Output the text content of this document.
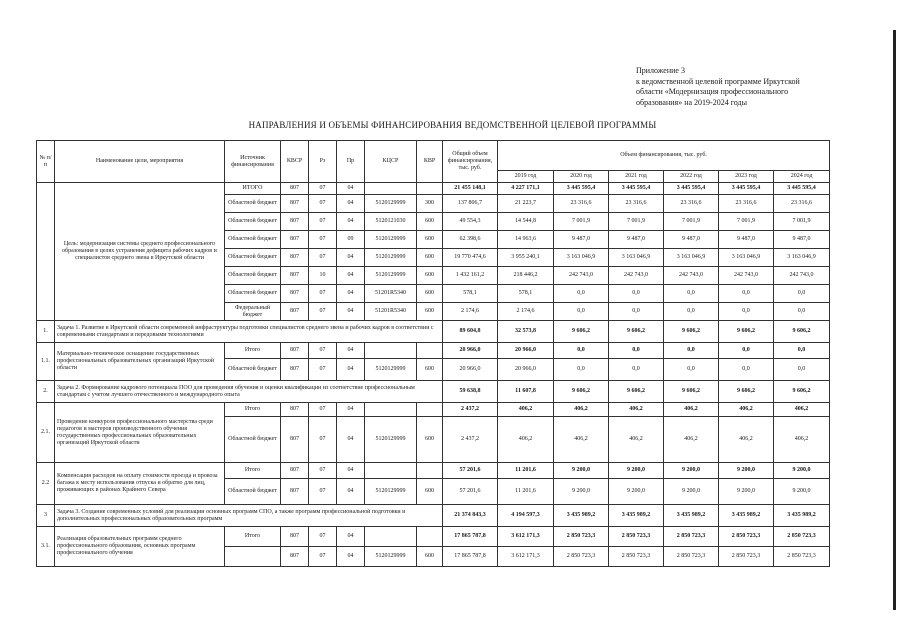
Приложение 3
к ведомственной целевой программе Иркутской
области «Модернизация профессионального
образования» на 2019-2024 годы
НАПРАВЛЕНИЯ И ОБЪЕМЫ ФИНАНСИРОВАНИЯ ВЕДОМСТВЕННОЙ ЦЕЛЕВОЙ ПРОГРАММЫ
№ п/п	Наименование цели, мероприятия	Источник финансирования	КВСР	Рз	Пр	КЦСР	КВР	Общий объем финансирования, тыс. руб.	Объем финансирования, тыс. руб.					
									2019 год	2020 год	2021 год	2022 год	2023 год	2024 год
	Цель: модернизация системы среднего профессионального образования в целях устранения дефицита рабочих кадров и специалистов среднего звена в Иркутской области	ИТОГО	807	07	04			21 455 148,1	4 227 171,1	3 445 595,4	3 445 595,4	3 445 595,4	3 445 595,4	3 445 595,4
		Областной бюджет	807	07	04	5120129999	300	137 806,7	21 223,7	23 316,6	23 316,6	23 316,6	23 316,6	23 316,6
		Областной бюджет	807	07	04	5120121030	600	49 554,3	14 544,8	7 001,9	7 001,9	7 001,9	7 001,9	7 001,9
		Областной бюджет	807	07	09	5120129999	600	62 398,6	14 963,6	9 487,0	9 487,0	9 487,0	9 487,0	9 487,0
		Областной бюджет	807	07	04	5120129999	600	19 770 474,6	3 955 240,1	3 163 046,9	3 163 046,9	3 163 046,9	3 163 046,9	3 163 046,9
		Областной бюджет	807	10	04	5120129999	600	1 432 161,2	218 446,2	242 743,0	242 743,0	242 743,0	242 743,0	242 743,0
		Областной бюджет	807	07	04	51201R5340	600	578,1	578,1	0,0	0,0	0,0	0,0	0,0
		Федеральный бюджет	807	07	04	51201R5340	600	2 174,6	2 174,6	0,0	0,0	0,0	0,0	0,0
1.	Задача 1. Развитие в Иркутской области современной инфраструктуры подготовки специалистов среднего звена и рабочих кадров в соответствии с современными стандартами и передовыми технологиями							89 604,8	32 573,8	9 606,2	9 606,2	9 606,2	9 606,2	9 606,2
1.1.	Материально-техническое оснащение государственных профессиональных образовательных организаций Иркутской области	Итого	807	07	04			20 966,0	20 966,0	0,0	0,0	0,0	0,0	0,0
		Областной бюджет	807	07	04	5120129999	600	20 966,0	20 966,0	0,0	0,0	0,0	0,0	0,0
2.	Задача 2. Формирование кадрового потенциала ПОО для проведения обучения и оценки квалификации из соответствие профессиональным стандартам с учетом лучшего отечественного и международного опыта							59 638,8	11 607,8	9 606,2	9 606,2	9 606,2	9 606,2	9 606,2
2.1.	Проведение конкурсов профессионального мастерства среди педагогов и мастеров производственного обучения государственных профессиональных образовательных организаций Иркутской области	Итого	807	07	04			2 437,2	406,2	406,2	406,2	406,2	406,2	406,2
		Областной бюджет	807	07	04	5120129999	600	2 437,2	406,2	406,2	406,2	406,2	406,2	406,2
2.2	Компенсация расходов на оплату стоимости проезда и провоза багажа к месту использования отпуска и обратно для лиц, проживающих в районах Крайнего Севера	Итого	807	07	04			57 201,6	11 201,6	9 200,0	9 200,0	9 200,0	9 200,0	9 200,0
		Областной бюджет	807	07	04	5120129999	600	57 201,6	11 201,6	9 200,0	9 200,0	9 200,0	9 200,0	9 200,0
3	Задача 3. Создание современных условий для реализации основных программ СПО, а также программ профессиональной подготовки и дополнительных профессиональных образовательных программ							21 374 843,3	4 194 597,3	3 435 989,2	3 435 989,2	3 435 989,2	3 435 989,2	3 435 989,2
3.1.	Реализация образовательных программ среднего профессионального образования, основных программ профессионального обучения	Итого	807	07	04			17 865 787,8	3 612 171,3	2 850 723,3	2 850 723,3	2 850 723,3	2 850 723,3	2 850 723,3
			807	07	04	5120129999	600	17 865 787,8	3 612 171,3	2 850 723,3	2 850 723,3	2 850 723,3	2 850 723,3	2 850 723,3
